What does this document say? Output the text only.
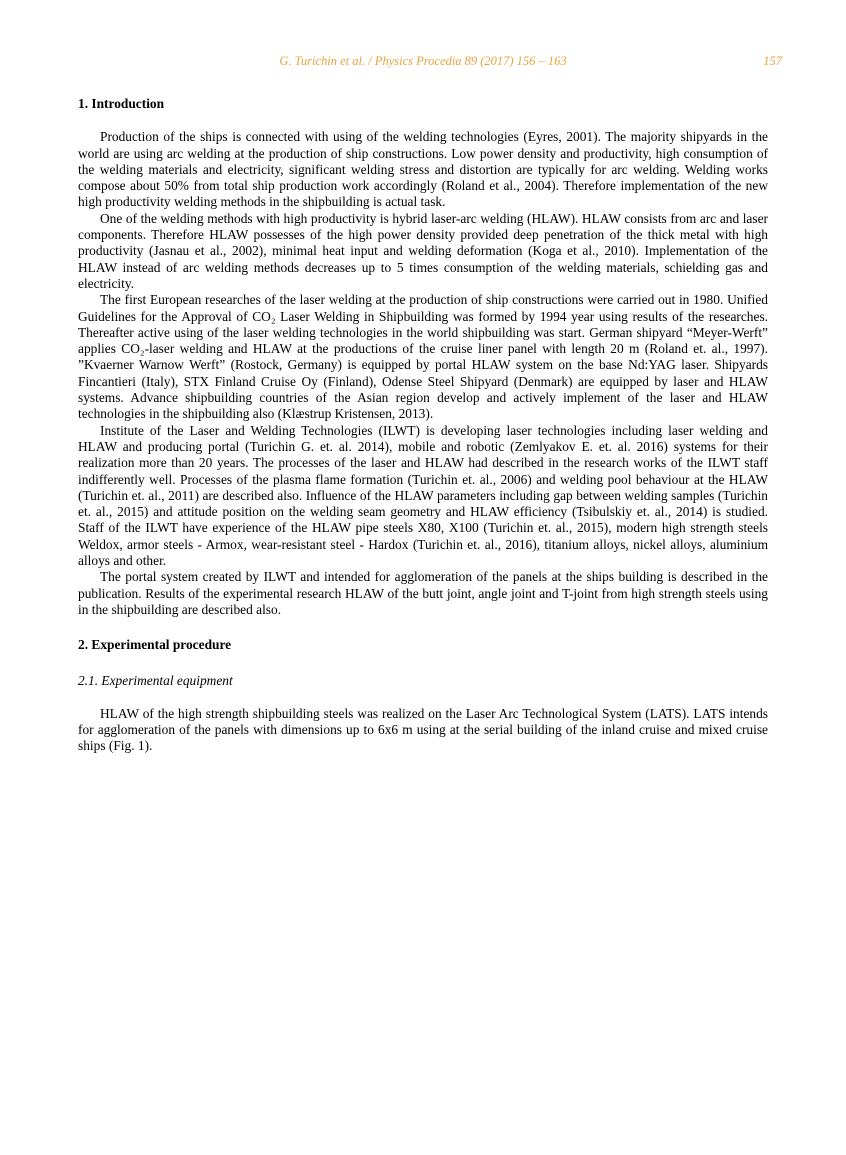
G. Turichin et al. / Physics Procedia 89 (2017) 156 – 163	157
1. Introduction

Production of the ships is connected with using of the welding technologies (Eyres, 2001). The majority shipyards in the world are using arc welding at the production of ship constructions. Low power density and productivity, high consumption of the welding materials and electricity, significant welding stress and distortion are typically for arc welding. Welding works compose about 50% from total ship production work accordingly (Roland et al., 2004). Therefore implementation of the new high productivity welding methods in the shipbuilding is actual task.

One of the welding methods with high productivity is hybrid laser-arc welding (HLAW). HLAW consists from arc and laser components. Therefore HLAW possesses of the high power density provided deep penetration of the thick metal with high productivity (Jasnau et al., 2002), minimal heat input and welding deformation (Koga et al., 2010). Implementation of the HLAW instead of arc welding methods decreases up to 5 times consumption of the welding materials, schielding gas and electricity.

The first European researches of the laser welding at the production of ship constructions were carried out in 1980. Unified Guidelines for the Approval of CO₂ Laser Welding in Shipbuilding was formed by 1994 year using results of the researches. Thereafter active using of the laser welding technologies in the world shipbuilding was start. German shipyard “Meyer-Werft” applies CO₂-laser welding and HLAW at the productions of the cruise liner panel with length 20 m (Roland et. al., 1997). ”Kvaerner Warnow Werft” (Rostock, Germany) is equipped by portal HLAW system on the base Nd:YAG laser. Shipyards Fincantieri (Italy), STX Finland Cruise Oy (Finland), Odense Steel Shipyard (Denmark) are equipped by laser and HLAW systems. Advance shipbuilding countries of the Asian region develop and actively implement of the laser and HLAW technologies in the shipbuilding also (Klæstrup Kristensen, 2013).

Institute of the Laser and Welding Technologies (ILWT) is developing laser technologies including laser welding and HLAW and producing portal (Turichin G. et. al. 2014), mobile and robotic (Zemlyakov E. et. al. 2016) systems for their realization more than 20 years. The processes of the laser and HLAW had described in the research works of the ILWT staff indifferently well. Processes of the plasma flame formation (Turichin et. al., 2006) and welding pool behaviour at the HLAW (Turichin et. al., 2011) are described also. Influence of the HLAW parameters including gap between welding samples (Turichin et. al., 2015) and attitude position on the welding seam geometry and HLAW efficiency (Tsibulskiy et. al., 2014) is studied. Staff of the ILWT have experience of the HLAW pipe steels X80, X100 (Turichin et. al., 2015), modern high strength steels Weldox, armor steels - Armox, wear-resistant steel - Hardox (Turichin et. al., 2016), titanium alloys, nickel alloys, aluminium alloys and other.

The portal system created by ILWT and intended for agglomeration of the panels at the ships building is described in the publication. Results of the experimental research HLAW of the butt joint, angle joint and T-joint from high strength steels using in the shipbuilding are described also.

2. Experimental procedure
2.1. Experimental equipment

HLAW of the high strength shipbuilding steels was realized on the Laser Arc Technological System (LATS). LATS intends for agglomeration of the panels with dimensions up to 6x6 m using at the serial building of the inland cruise and mixed cruise ships (Fig. 1).
